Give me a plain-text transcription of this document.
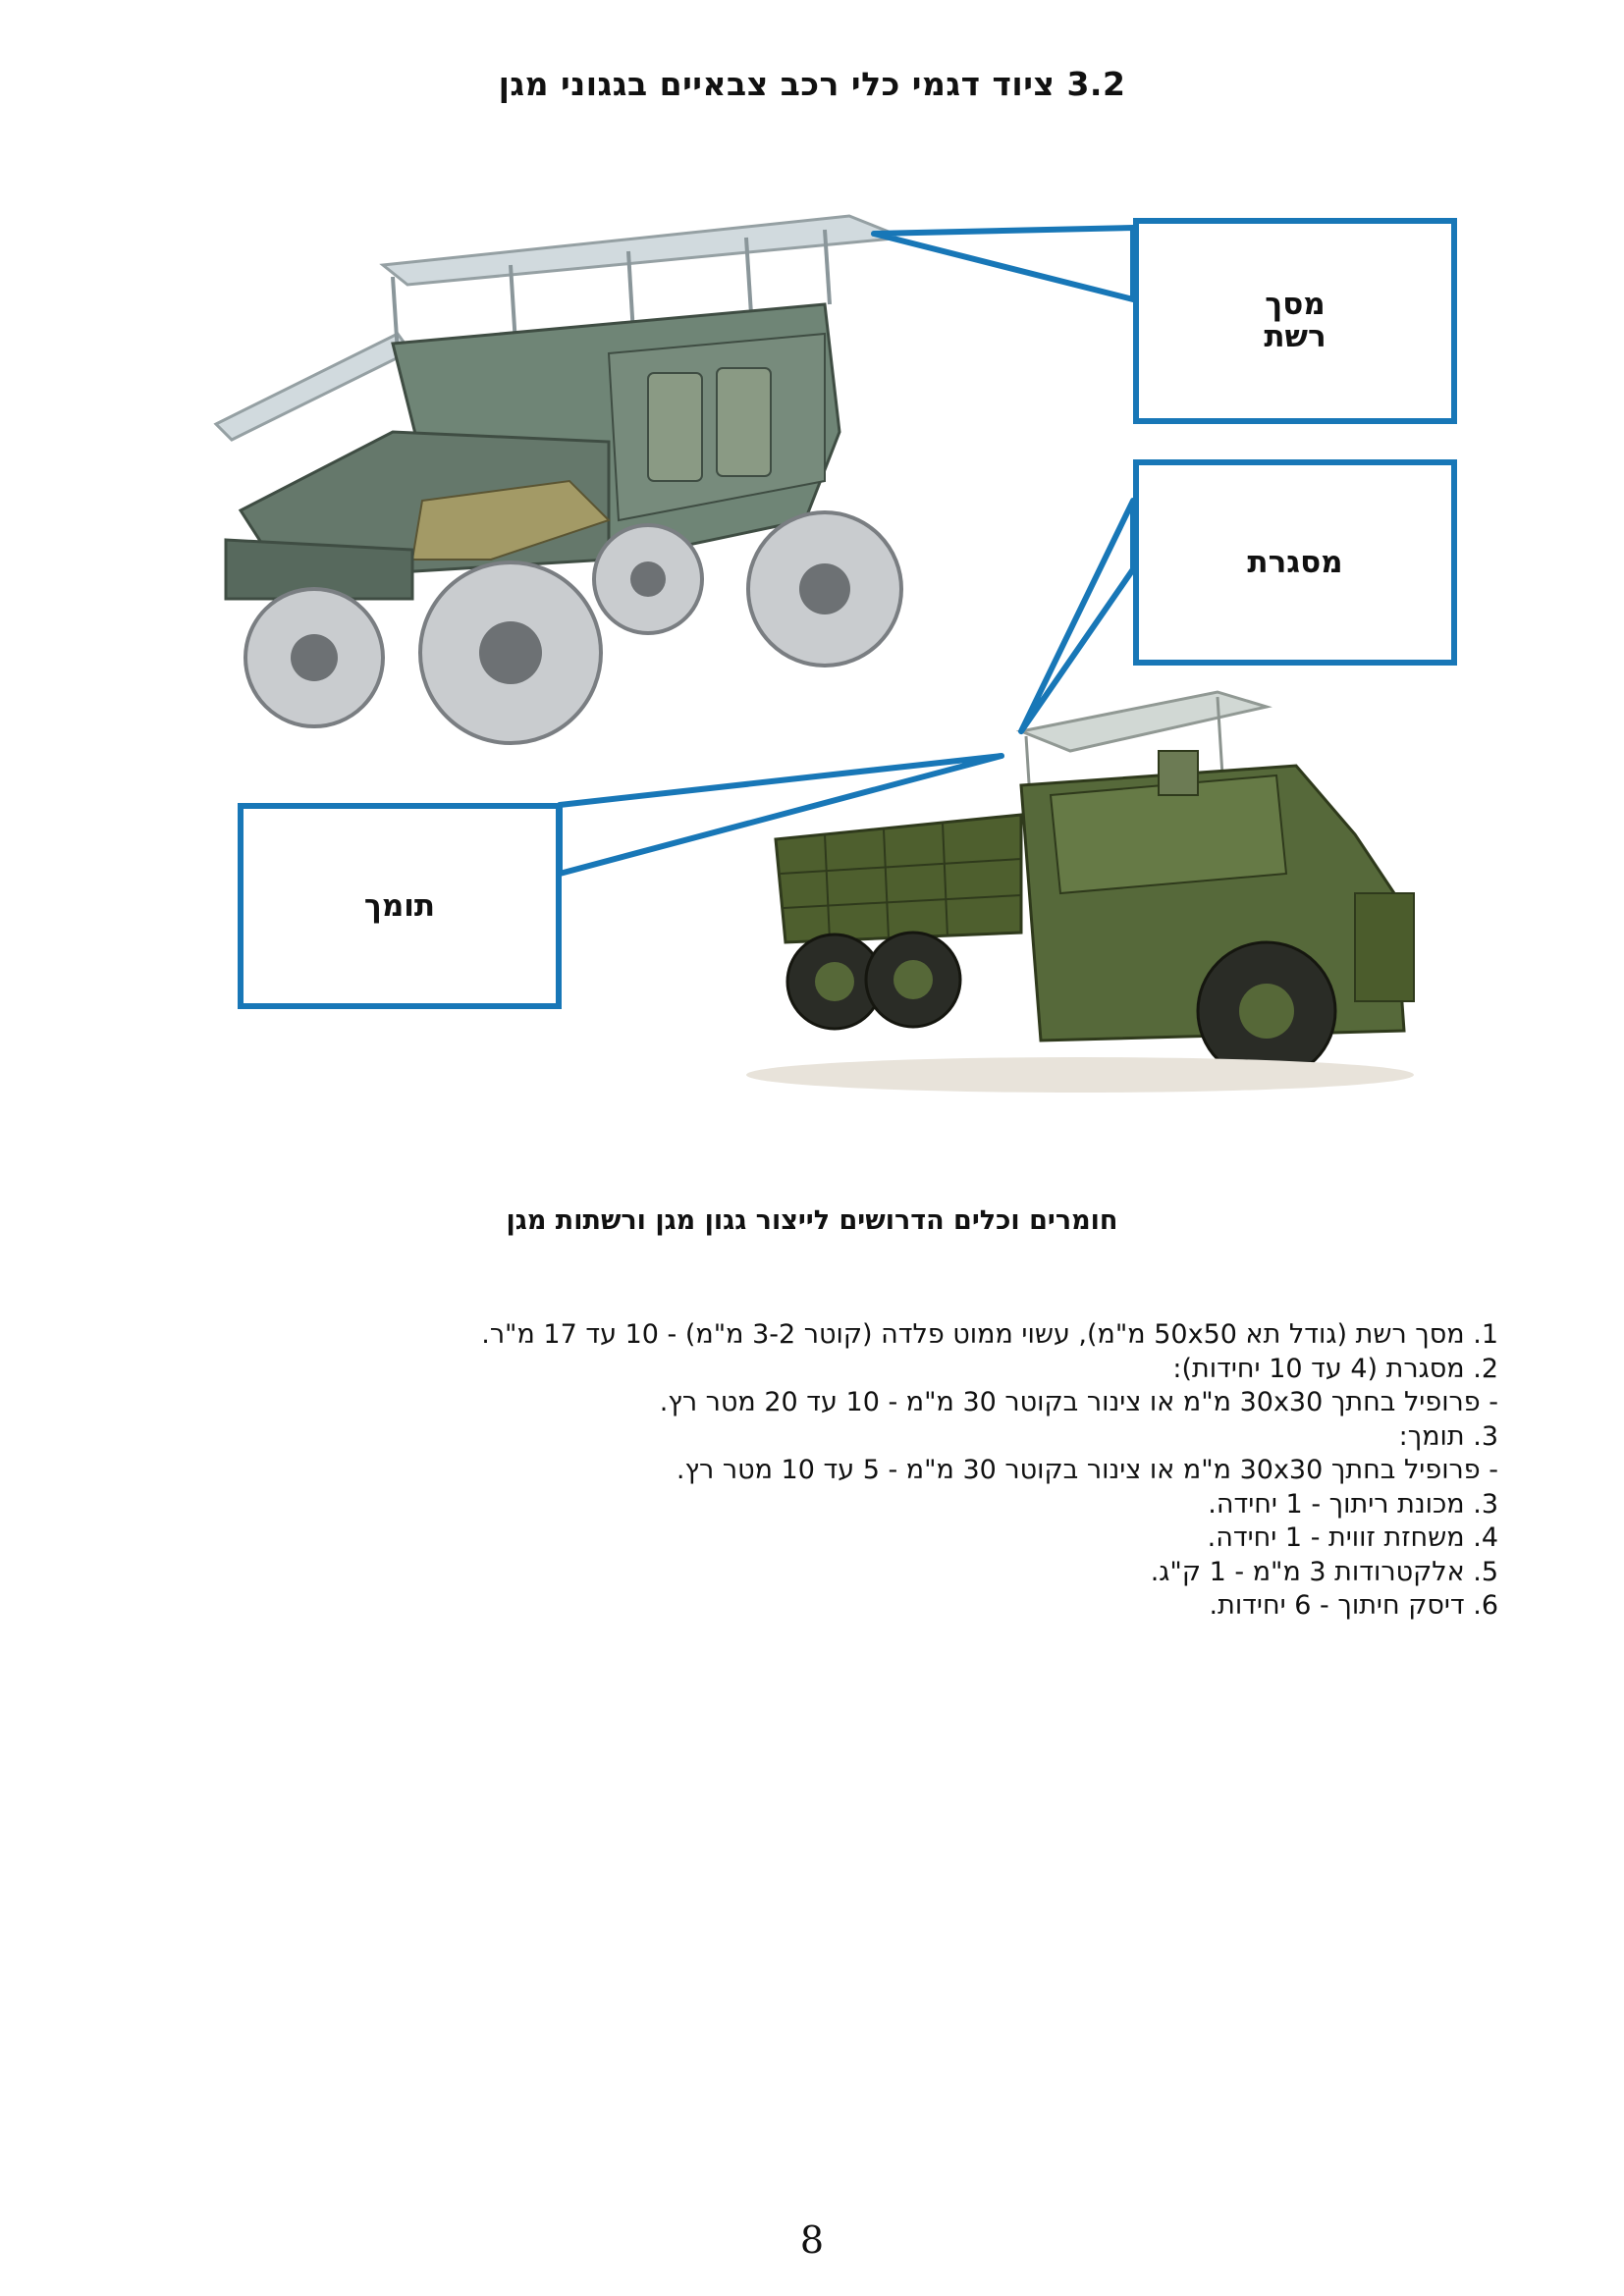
3.2 ציוד דגמי כלי רכב צבאיים בגגוני מגן
מסך
רשת
מסגרת
תומך
חומרים וכלים הדרושים לייצור גגון מגן ורשתות מגן
1. מסך רשת (גודל תא 50x50 מ"מ), עשוי ממוט פלדה (קוטר 3-2 מ"מ) - 10 עד 17 מ"ר.
2. מסגרת (4 עד 10 יחידות):
- פרופיל בחתך 30x30 מ"מ או צינור בקוטר 30 מ"מ - 10 עד 20 מטר רץ.
3. תומך:
- פרופיל בחתך 30x30 מ"מ או צינור בקוטר 30 מ"מ - 5 עד 10 מטר רץ.
3. מכונת ריתוך - 1 יחידה.
4. משחזת זווית - 1 יחידה.
5. אלקטרודות 3 מ"מ - 1 ק"ג.
6. דיסק חיתוך - 6 יחידות.
8
